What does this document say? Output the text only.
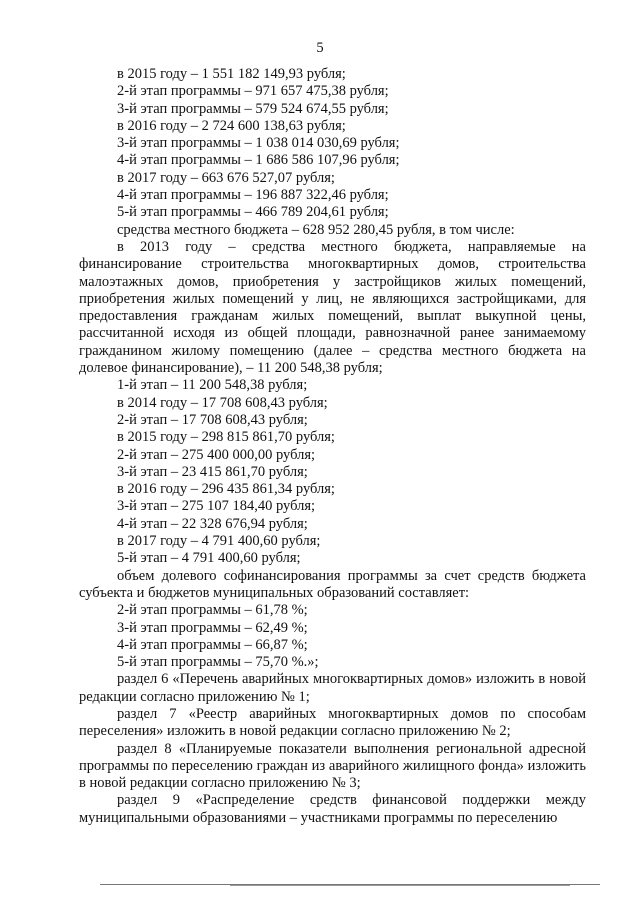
5

в 2015 году – 1 551 182 149,93 рубля;

2-й этап программы – 971 657 475,38 рубля;

3-й этап программы – 579 524 674,55 рубля;

в 2016 году – 2 724 600 138,63 рубля;

3-й этап программы – 1 038 014 030,69 рубля;

4-й этап программы – 1 686 586 107,96 рубля;

в 2017 году – 663 676 527,07 рубля;

4-й этап программы – 196 887 322,46 рубля;

5-й этап программы – 466 789 204,61 рубля;

средства местного бюджета – 628 952 280,45 рубля, в том числе:

в 2013 году – средства местного бюджета, направляемые на финансирование строительства многоквартирных домов, строительства малоэтажных домов, приобретения у застройщиков жилых помещений, приобретения жилых помещений у лиц, не являющихся застройщиками, для предоставления гражданам жилых помещений, выплат выкупной цены, рассчитанной исходя из общей площади, равнозначной ранее занимаемому гражданином жилому помещению (далее – средства местного бюджета на долевое финансирование), – 11 200 548,38 рубля;

1-й этап – 11 200 548,38 рубля;

в 2014 году – 17 708 608,43 рубля;

2-й этап – 17 708 608,43 рубля;

в 2015 году – 298 815 861,70 рубля;

2-й этап – 275 400 000,00 рубля;

3-й этап – 23 415 861,70 рубля;

в 2016 году – 296 435 861,34 рубля;

3-й этап – 275 107 184,40 рубля;

4-й этап – 22 328 676,94 рубля;

в 2017 году – 4 791 400,60 рубля;

5-й этап – 4 791 400,60 рубля;

объем долевого софинансирования программы за счет средств бюджета субъекта и бюджетов муниципальных образований составляет:

2-й этап программы – 61,78 %;

3-й этап программы – 62,49 %;

4-й этап программы – 66,87 %;

5-й этап программы – 75,70 %.»;

раздел 6 «Перечень аварийных многоквартирных домов» изложить в новой редакции согласно приложению № 1;

раздел 7 «Реестр аварийных многоквартирных домов по способам переселения» изложить в новой редакции согласно приложению № 2;

раздел 8 «Планируемые показатели выполнения региональной адресной программы по переселению граждан из аварийного жилищного фонда» изложить в новой редакции согласно приложению № 3;

раздел 9 «Распределение средств финансовой поддержки между муниципальными образованиями – участниками программы по переселению
